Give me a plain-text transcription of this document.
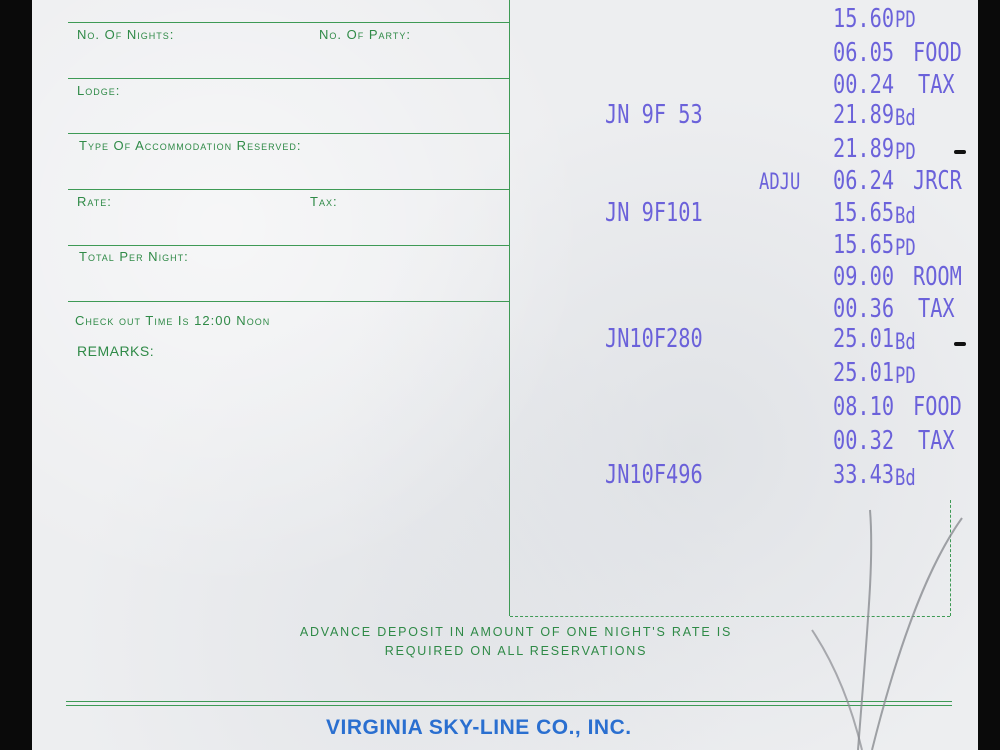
No. Of Nights:	No. Of Party:
Lodge:
Type Of Accommodation Reserved:
Rate:	Tax:
Total Per Night:
Check out Time Is 12:00 Noon
REMARKS:
ADVANCE DEPOSIT IN AMOUNT OF ONE NIGHT'S RATE IS
REQUIRED ON ALL RESERVATIONS
VIRGINIA SKY-LINE CO., INC.
15.60 PD
06.05 FOOD
00.24 TAX
JN 9F 53	21.89 Bd
21.89 PD
ADJU 06.24 JRCR
JN 9F101	15.65 Bd
15.65 PD
09.00 ROOM
00.36 TAX
JN10F280	25.01 Bd
25.01 PD
08.10 FOOD
00.32 TAX
JN10F496	33.43 Bd
